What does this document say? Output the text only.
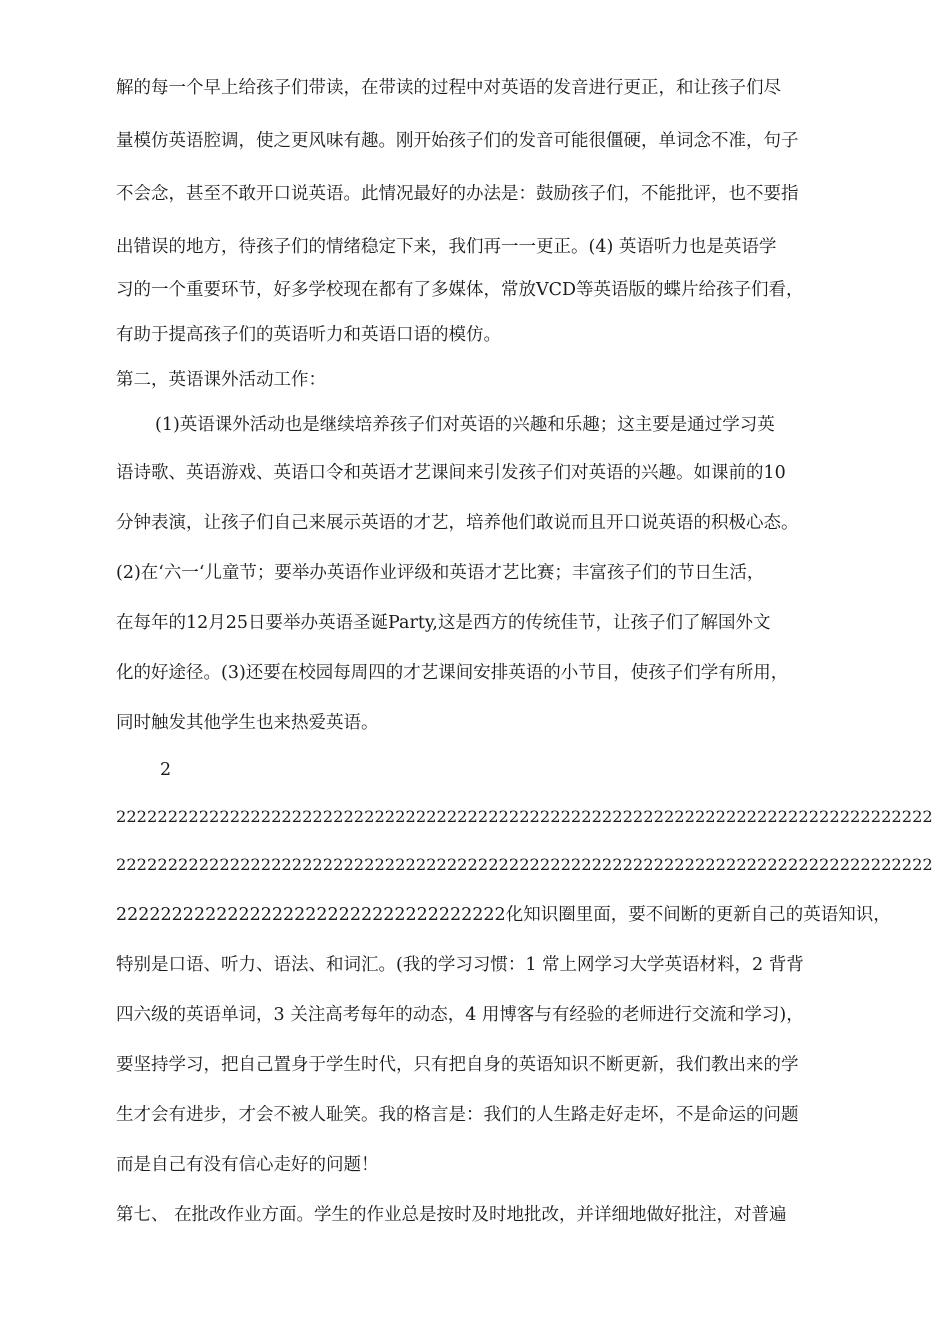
解的每一个早上给孩子们带读，在带读的过程中对英语的发音进行更正，和让孩子们尽
量模仿英语腔调，使之更风味有趣。刚开始孩子们的发音可能很僵硬，单词念不准，句子
不会念，甚至不敢开口说英语。此情况最好的办法是：鼓励孩子们，不能批评，也不要指
出错误的地方，待孩子们的情绪稳定下来，我们再一一更正。(4) 英语听力也是英语学
习的一个重要环节，好多学校现在都有了多媒体，常放VCD等英语版的蝶片给孩子们看，
有助于提高孩子们的英语听力和英语口语的模仿。
第二，英语课外活动工作：
(1)英语课外活动也是继续培养孩子们对英语的兴趣和乐趣；这主要是通过学习英
语诗歌、英语游戏、英语口令和英语才艺课间来引发孩子们对英语的兴趣。如课前的10
分钟表演，让孩子们自己来展示英语的才艺，培养他们敢说而且开口说英语的积极心态。
(2)在‘六一‘儿童节；要举办英语作业评级和英语才艺比赛；丰富孩子们的节日生活，
在每年的12月25日要举办英语圣诞Party,这是西方的传统佳节，让孩子们了解国外文
化的好途径。(3)还要在校园每周四的才艺课间安排英语的小节目，使孩子们学有所用，
同时触发其他学生也来热爱英语。
2
2222222222222222222222222222222222222222222222222222222222222222222222222222222
2222222222222222222222222222222222222222222222222222222222222222222222222222222
22222222222222222222222222222222222化知识圈里面，要不间断的更新自己的英语知识，
特别是口语、听力、语法、和词汇。(我的学习习惯：1 常上网学习大学英语材料，2 背背
四六级的英语单词，3 关注高考每年的动态，4 用博客与有经验的老师进行交流和学习)，
要坚持学习，把自己置身于学生时代，只有把自身的英语知识不断更新，我们教出来的学
生才会有进步，才会不被人耻笑。我的格言是：我们的人生路走好走坏，不是命运的问题
而是自己有没有信心走好的问题！
第七、 在批改作业方面。学生的作业总是按时及时地批改，并详细地做好批注，对普遍
